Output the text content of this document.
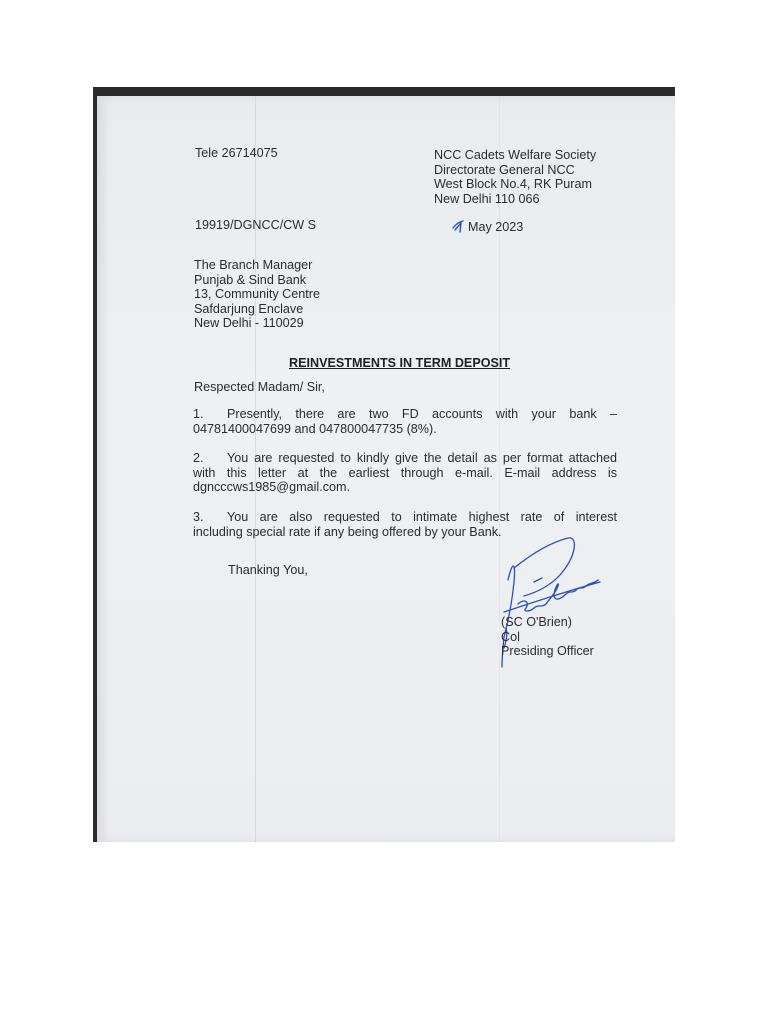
Tele 26714075	NCC Cadets Welfare Society
Directorate General NCC
West Block No.4, RK Puram
New Delhi 110 066
19919/DGNCC/CW S	May 2023
The Branch Manager
Punjab & Sind Bank
13, Community Centre
Safdarjung Enclave
New Delhi - 110029
REINVESTMENTS IN TERM DEPOSIT
Respected Madam/ Sir,
1. Presently, there are two FD accounts with your bank –
04781400047699 and 047800047735 (8%).
2. You are requested to kindly give the detail as per format attached
with this letter at the earliest through e-mail. E-mail address is
dgncccws1985@gmail.com.
3. You are also requested to intimate highest rate of interest
including special rate if any being offered by your Bank.
Thanking You,
(SC O'Brien)
Col
Presiding Officer
